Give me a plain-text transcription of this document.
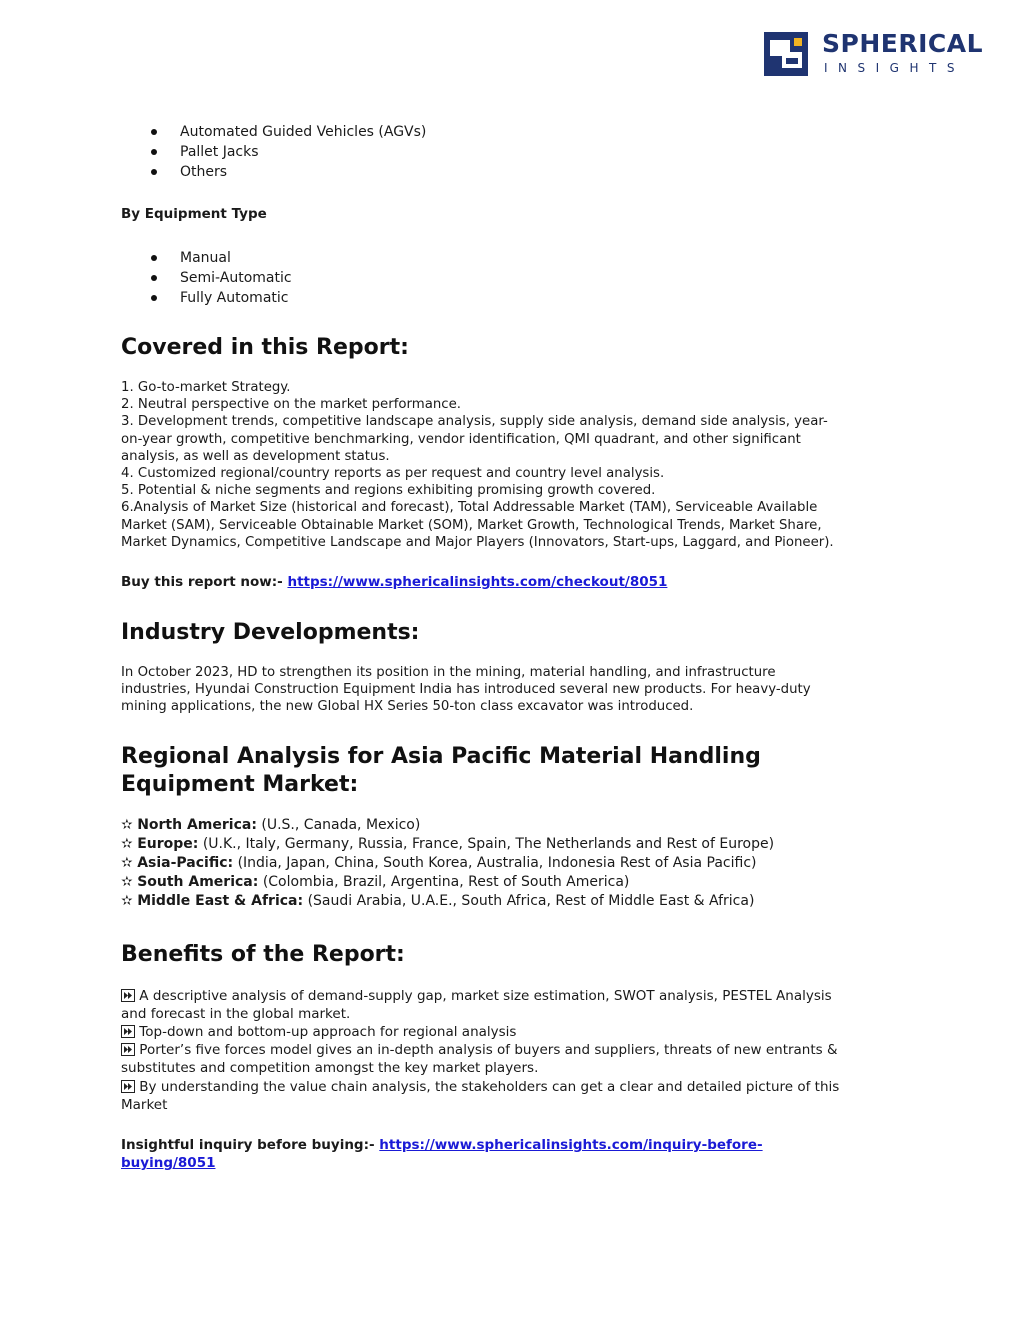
SPHERICAL
INSIGHTS
Automated Guided Vehicles (AGVs)
Pallet Jacks
Others

By Equipment Type

Manual
Semi-Automatic
Fully Automatic
Covered in this Report:
1. Go-to-market Strategy.
2. Neutral perspective on the market performance.
3. Development trends, competitive landscape analysis, supply side analysis, demand side analysis, year-
on-year growth, competitive benchmarking, vendor identification, QMI quadrant, and other significant
analysis, as well as development status.
4. Customized regional/country reports as per request and country level analysis.
5. Potential & niche segments and regions exhibiting promising growth covered.
6.Analysis of Market Size (historical and forecast), Total Addressable Market (TAM), Serviceable Available
Market (SAM), Serviceable Obtainable Market (SOM), Market Growth, Technological Trends, Market Share,
Market Dynamics, Competitive Landscape and Major Players (Innovators, Start-ups, Laggard, and Pioneer).
Buy this report now:- https://www.sphericalinsights.com/checkout/8051
Industry Developments:
In October 2023, HD to strengthen its position in the mining, material handling, and infrastructure
industries, Hyundai Construction Equipment India has introduced several new products. For heavy-duty
mining applications, the new Global HX Series 50-ton class excavator was introduced.
Regional Analysis for Asia Pacific Material Handling
Equipment Market:
✫ North America: (U.S., Canada, Mexico)
✫ Europe: (U.K., Italy, Germany, Russia, France, Spain, The Netherlands and Rest of Europe)
✫ Asia-Pacific: (India, Japan, China, South Korea, Australia, Indonesia Rest of Asia Pacific)
✫ South America: (Colombia, Brazil, Argentina, Rest of South America)
✫ Middle East & Africa: (Saudi Arabia, U.A.E., South Africa, Rest of Middle East & Africa)
Benefits of the Report:
A descriptive analysis of demand-supply gap, market size estimation, SWOT analysis, PESTEL Analysis
and forecast in the global market.
Top-down and bottom-up approach for regional analysis
Porter’s five forces model gives an in-depth analysis of buyers and suppliers, threats of new entrants &
substitutes and competition amongst the key market players.
By understanding the value chain analysis, the stakeholders can get a clear and detailed picture of this
Market
Insightful inquiry before buying:- https://www.sphericalinsights.com/inquiry-before-
buying/8051
